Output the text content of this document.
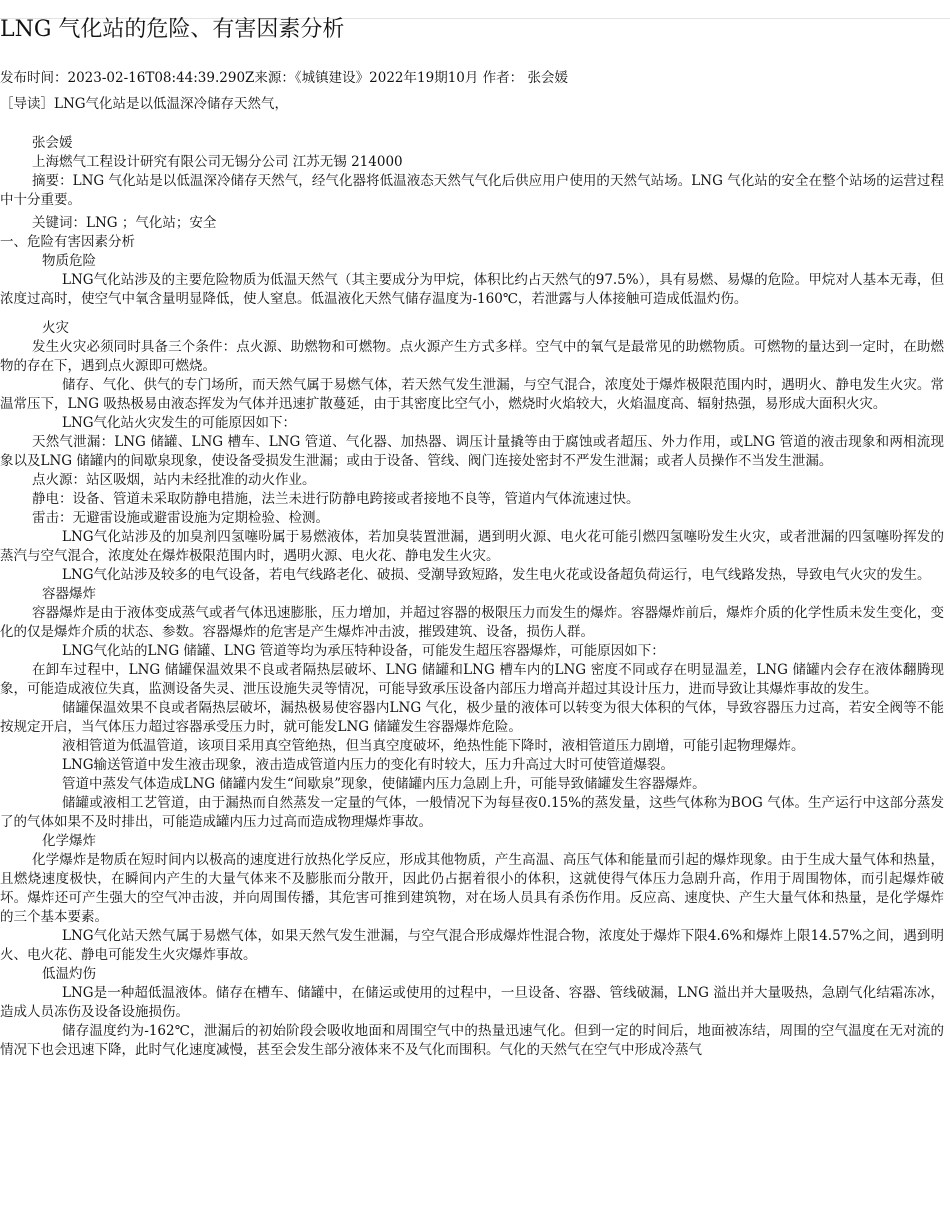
LNG 气化站的危险、有害因素分析
发布时间：2023-02-16T08:44:39.290Z来源：《城镇建设》2022年19期10月 作者： 张会媛
［导读］LNG气化站是以低温深冷储存天然气，

张会媛

上海燃气工程设计研究有限公司无锡分公司 江苏无锡 214000

摘要：LNG 气化站是以低温深冷储存天然气，经气化器将低温液态天然气气化后供应用户使用的天然气站场。LNG 气化站的安全在整个站场的运营过程中十分重要。

关键词：LNG ；气化站；安全

一、危险有害因素分析

物质危险

LNG气化站涉及的主要危险物质为低温天然气（其主要成分为甲烷，体积比约占天然气的97.5%），具有易燃、易爆的危险。甲烷对人基本无毒，但浓度过高时，使空气中氧含量明显降低，使人窒息。低温液化天然气储存温度为-160℃，若泄露与人体接触可造成低温灼伤。

火灾

发生火灾必须同时具备三个条件：点火源、助燃物和可燃物。点火源产生方式多样。空气中的氧气是最常见的助燃物质。可燃物的量达到一定时，在助燃物的存在下，遇到点火源即可燃烧。

储存、气化、供气的专门场所，而天然气属于易燃气体，若天然气发生泄漏，与空气混合，浓度处于爆炸极限范围内时，遇明火、静电发生火灾。常温常压下，LNG 吸热极易由液态挥发为气体并迅速扩散蔓延，由于其密度比空气小，燃烧时火焰较大，火焰温度高、辐射热强，易形成大面积火灾。

LNG气化站火灾发生的可能原因如下：

天然气泄漏：LNG 储罐、LNG 槽车、LNG 管道、气化器、加热器、调压计量撬等由于腐蚀或者超压、外力作用，或LNG 管道的液击现象和两相流现象以及LNG 储罐内的间歇泉现象，使设备受损发生泄漏；或由于设备、管线、阀门连接处密封不严发生泄漏；或者人员操作不当发生泄漏。

点火源：站区吸烟，站内未经批准的动火作业。

静电：设备、管道未采取防静电措施，法兰未进行防静电跨接或者接地不良等，管道内气体流速过快。

雷击：无避雷设施或避雷设施为定期检验、检测。

LNG气化站涉及的加臭剂四氢噻吩属于易燃液体，若加臭装置泄漏，遇到明火源、电火花可能引燃四氢噻吩发生火灾，或者泄漏的四氢噻吩挥发的蒸汽与空气混合，浓度处在爆炸极限范围内时，遇明火源、电火花、静电发生火灾。

LNG气化站涉及较多的电气设备，若电气线路老化、破损、受潮导致短路，发生电火花或设备超负荷运行，电气线路发热，导致电气火灾的发生。

容器爆炸

容器爆炸是由于液体变成蒸气或者气体迅速膨胀，压力增加，并超过容器的极限压力而发生的爆炸。容器爆炸前后，爆炸介质的化学性质未发生变化，变化的仅是爆炸介质的状态、参数。容器爆炸的危害是产生爆炸冲击波，摧毁建筑、设备，损伤人群。

LNG气化站的LNG 储罐、LNG 管道等均为承压特种设备，可能发生超压容器爆炸，可能原因如下：

在卸车过程中，LNG 储罐保温效果不良或者隔热层破坏、LNG 储罐和LNG 槽车内的LNG 密度不同或存在明显温差，LNG 储罐内会存在液体翻腾现象，可能造成液位失真，监测设备失灵、泄压设施失灵等情况，可能导致承压设备内部压力增高并超过其设计压力，进而导致让其爆炸事故的发生。

储罐保温效果不良或者隔热层破坏，漏热极易使容器内LNG 气化，极少量的液体可以转变为很大体积的气体，导致容器压力过高，若安全阀等不能按规定开启，当气体压力超过容器承受压力时，就可能发LNG 储罐发生容器爆炸危险。

液相管道为低温管道，该项目采用真空管绝热，但当真空度破坏，绝热性能下降时，液相管道压力剧增，可能引起物理爆炸。

LNG输送管道中发生液击现象，液击造成管道内压力的变化有时较大，压力升高过大时可使管道爆裂。

管道中蒸发气体造成LNG 储罐内发生“间歇泉”现象，使储罐内压力急剧上升，可能导致储罐发生容器爆炸。

储罐或液相工艺管道，由于漏热而自然蒸发一定量的气体，一般情况下为每昼夜0.15%的蒸发量，这些气体称为BOG 气体。生产运行中这部分蒸发了的气体如果不及时排出，可能造成罐内压力过高而造成物理爆炸事故。

化学爆炸

化学爆炸是物质在短时间内以极高的速度进行放热化学反应，形成其他物质，产生高温、高压气体和能量而引起的爆炸现象。由于生成大量气体和热量，且燃烧速度极快，在瞬间内产生的大量气体来不及膨胀而分散开，因此仍占据着很小的体积，这就使得气体压力急剧升高，作用于周围物体，而引起爆炸破坏。爆炸还可产生强大的空气冲击波，并向周围传播，其危害可推到建筑物，对在场人员具有杀伤作用。反应高、速度快、产生大量气体和热量，是化学爆炸的三个基本要素。

LNG气化站天然气属于易燃气体，如果天然气发生泄漏，与空气混合形成爆炸性混合物，浓度处于爆炸下限4.6%和爆炸上限14.57%之间，遇到明火、电火花、静电可能发生火灾爆炸事故。

低温灼伤

LNG是一种超低温液体。储存在槽车、储罐中，在储运或使用的过程中，一旦设备、容器、管线破漏，LNG 溢出并大量吸热，急剧气化结霜冻冰，造成人员冻伤及设备设施损伤。

储存温度约为-162℃，泄漏后的初始阶段会吸收地面和周围空气中的热量迅速气化。但到一定的时间后，地面被冻结，周围的空气温度在无对流的情况下也会迅速下降，此时气化速度减慢，甚至会发生部分液体来不及气化而围积。气化的天然气在空气中形成冷蒸气
